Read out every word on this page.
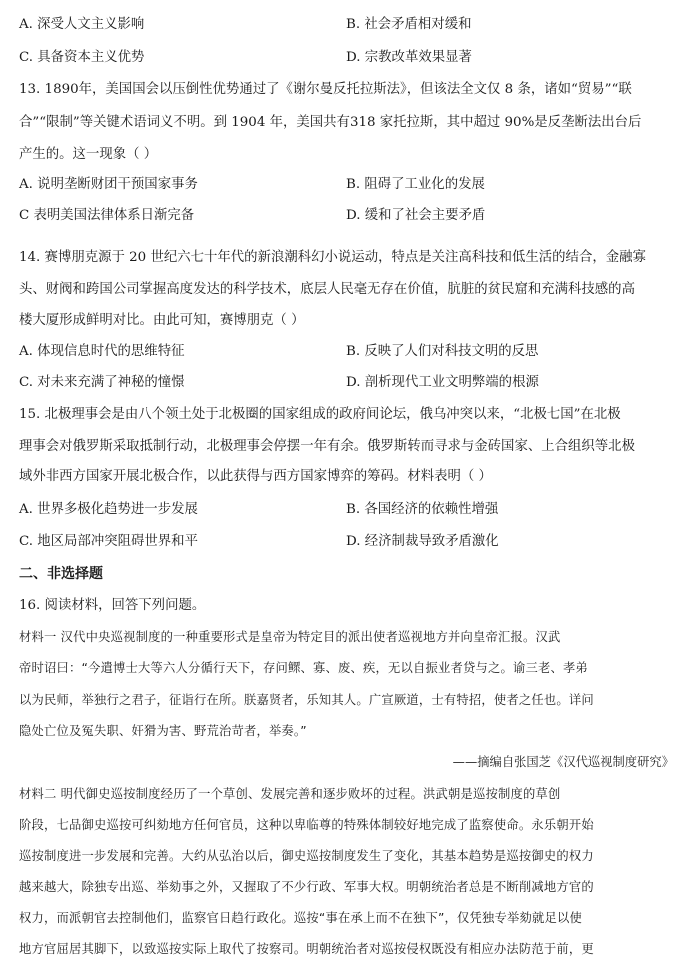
A. 深受人文主义影响	B. 社会矛盾相对缓和
C. 具备资本主义优势	D. 宗教改革效果显著
13. 1890年，美国国会以压倒性优势通过了《谢尔曼反托拉斯法》，但该法全文仅 8 条，诸如“贸易”“联
合”“限制”等关键术语词义不明。到 1904 年，美国共有318 家托拉斯，其中超过 90%是反垄断法出台后
产生的。这一现象（ ）
A. 说明垄断财团干预国家事务	B. 阻碍了工业化的发展
C 表明美国法律体系日渐完备	D. 缓和了社会主要矛盾
14. 赛博朋克源于 20 世纪六七十年代的新浪潮科幻小说运动，特点是关注高科技和低生活的结合，金融寡
头、财阀和跨国公司掌握高度发达的科学技术，底层人民毫无存在价值，肮脏的贫民窟和充满科技感的高
楼大厦形成鲜明对比。由此可知，赛博朋克（ ）
A. 体现信息时代的思维特征	B. 反映了人们对科技文明的反思
C. 对未来充满了神秘的憧憬	D. 剖析现代工业文明弊端的根源
15. 北极理事会是由八个领土处于北极圈的国家组成的政府间论坛，俄乌冲突以来，“北极七国”在北极
理事会对俄罗斯采取抵制行动，北极理事会停摆一年有余。俄罗斯转而寻求与金砖国家、上合组织等北极
域外非西方国家开展北极合作，以此获得与西方国家博弈的筹码。材料表明（ ）
A. 世界多极化趋势进一步发展	B. 各国经济的依赖性增强
C. 地区局部冲突阻碍世界和平	D. 经济制裁导致矛盾激化
二、非选择题
16. 阅读材料，回答下列问题。
材料一 汉代中央巡视制度的一种重要形式是皇帝为特定目的派出使者巡视地方并向皇帝汇报。汉武
帝时诏曰：“今遣博士大等六人分循行天下，存问鳏、寡、废、疾，无以自振业者贷与之。谕三老、孝弟
以为民师，举独行之君子，征诣行在所。朕嘉贤者，乐知其人。广宣厥道，士有特招，使者之任也。详问
隐处亡位及冤失职、奸猾为害、野荒治苛者，举奏。”
——摘编自张国芝《汉代巡视制度研究》
材料二 明代御史巡按制度经历了一个草创、发展完善和逐步败坏的过程。洪武朝是巡按制度的草创
阶段，七品御史巡按可纠劾地方任何官员，这种以卑临尊的特殊体制较好地完成了监察使命。永乐朝开始
巡按制度进一步发展和完善。大约从弘治以后，御史巡按制度发生了变化，其基本趋势是巡按御史的权力
越来越大，除独专出巡、举劾事之外，又握取了不少行政、军事大权。明朝统治者总是不断削减地方官的
权力，而派朝官去控制他们，监察官日趋行政化。巡按“事在承上而不在独下”，仅凭独专举劾就足以使
地方官屈居其脚下，以致巡按实际上取代了按察司。明朝统治者对巡按侵权既没有相应办法防范于前，更
